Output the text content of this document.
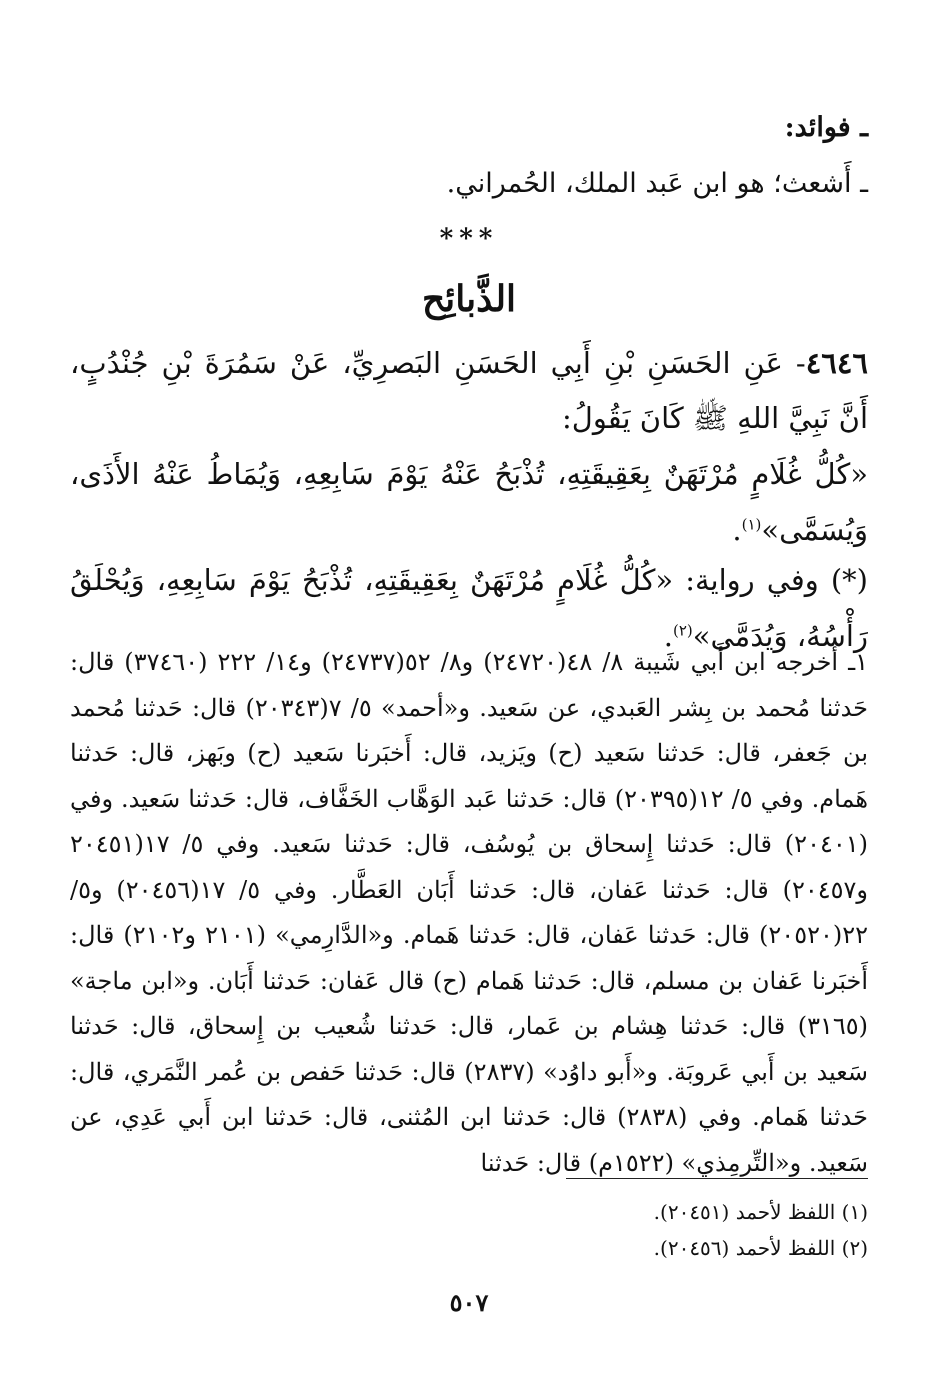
ـ فوائد:
ـ أَشعث؛ هو ابن عَبد الملك، الحُمراني.
***
الذَّبائِح
٤٦٤٦- عَنِ الحَسَنِ بْنِ أَبِي الحَسَنِ البَصرِيِّ، عَنْ سَمُرَةَ بْنِ جُنْدُبٍ، أَنَّ نَبِيَّ اللهِ ﷺ كَانَ يَقُولُ:
«كُلُّ غُلَامٍ مُرْتَهَنٌ بِعَقِيقَتِهِ، تُذْبَحُ عَنْهُ يَوْمَ سَابِعِهِ، وَيُمَاطُ عَنْهُ الأَذَى، وَيُسَمَّى»$^{(١)}$.
(*) وفي رواية: «كُلُّ غُلَامٍ مُرْتَهَنٌ بِعَقِيقَتِهِ، تُذْبَحُ يَوْمَ سَابِعِهِ، وَيُحْلَقُ رَأْسُهُ، وَيُدَمَّى»$^{(٢)}$.
١ـ أخرجه ابن أَبي شَيبة ٨/ ٤٨(٢٤٧٢٠) و٨/ ٥٢(٢٤٧٣٧) و١٤/ ٢٢٢ (٣٧٤٦٠) قال: حَدثنا مُحمد بن بِشر العَبدي، عن سَعيد. و«أحمد» ٥/ ٧(٢٠٣٤٣) قال: حَدثنا مُحمد بن جَعفر، قال: حَدثنا سَعيد (ح) ويَزيد، قال: أَخبَرنا سَعيد (ح) وبَهز، قال: حَدثنا هَمام. وفي ٥/ ١٢(٢٠٣٩٥) قال: حَدثنا عَبد الوَهَّاب الخَفَّاف، قال: حَدثنا سَعيد. وفي (٢٠٤٠١) قال: حَدثنا إِسحاق بن يُوسُف، قال: حَدثنا سَعيد. وفي ٥/ ١٧(٢٠٤٥١ و٢٠٤٥٧) قال: حَدثنا عَفان، قال: حَدثنا أَبَان العَطَّار. وفي ٥/ ١٧(٢٠٤٥٦) و٥/ ٢٢(٢٠٥٢٠) قال: حَدثنا عَفان، قال: حَدثنا هَمام. و«الدَّارِمي» (٢١٠١ و٢١٠٢) قال: أَخبَرنا عَفان بن مسلم، قال: حَدثنا هَمام (ح) قال عَفان: حَدثنا أَبَان. و«ابن ماجة» (٣١٦٥) قال: حَدثنا هِشام بن عَمار، قال: حَدثنا شُعيب بن إِسحاق، قال: حَدثنا سَعيد بن أَبي عَروبَة. و«أَبو داوُد» (٢٨٣٧) قال: حَدثنا حَفص بن عُمر النَّمَري، قال: حَدثنا هَمام. وفي (٢٨٣٨) قال: حَدثنا ابن المُثنى، قال: حَدثنا ابن أَبي عَدِي، عن سَعيد. و«التِّرمِذي» (١٥٢٢م) قال: حَدثنا
(١) اللفظ لأحمد (٢٠٤٥١).
(٢) اللفظ لأحمد (٢٠٤٥٦).
٥٠٧
